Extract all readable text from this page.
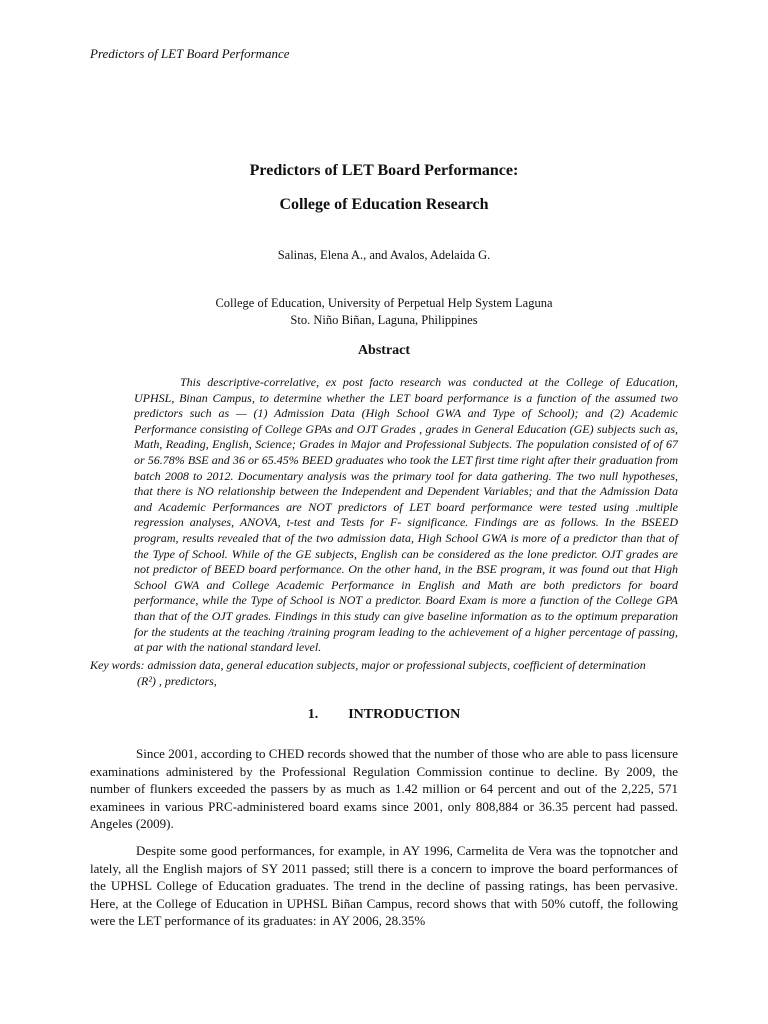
Predictors of LET Board Performance
Predictors of LET Board Performance:
College of Education Research
Salinas, Elena A., and Avalos, Adelaida G.
College of Education, University of Perpetual Help System Laguna
Sto. Niño Biñan, Laguna, Philippines
Abstract

This descriptive-correlative, ex post facto research was conducted at the College of Education, UPHSL, Binan Campus, to determine whether the LET board performance is a function of the assumed two predictors such as — (1) Admission Data (High School GWA and Type of School); and (2) Academic Performance consisting of College GPAs and OJT Grades , grades in General Education (GE) subjects such as, Math, Reading, English, Science; Grades in Major and Professional Subjects. The population consisted of of 67 or 56.78% BSE and 36 or 65.45% BEED graduates who took the LET first time right after their graduation from batch 2008 to 2012. Documentary analysis was the primary tool for data gathering. The two null hypotheses, that there is NO relationship between the Independent and Dependent Variables; and that the Admission Data and Academic Performances are NOT predictors of LET board performance were tested using .multiple regression analyses, ANOVA, t-test and Tests for F- significance. Findings are as follows. In the BSEED program, results revealed that of the two admission data, High School GWA is more of a predictor than that of the Type of School. While of the GE subjects, English can be considered as the lone predictor. OJT grades are not predictor of BEED board performance. On the other hand, in the BSE program, it was found out that High School GWA and College Academic Performance in English and Math are both predictors for board performance, while the Type of School is NOT a predictor. Board Exam is more a function of the College GPA than that of the OJT grades. Findings in this study can give baseline information as to the optimum preparation for the students at the teaching /training program leading to the achievement of a higher percentage of passing, at par with the national standard level.

Key words: admission data, general education subjects, major or professional subjects, coefficient of determination
(R²) , predictors,
1. INTRODUCTION

Since 2001, according to CHED records showed that the number of those who are able to pass licensure examinations administered by the Professional Regulation Commission continue to decline. By 2009, the number of flunkers exceeded the passers by as much as 1.42 million or 64 percent and out of the 2,225, 571 examinees in various PRC-administered board exams since 2001, only 808,884 or 36.35 percent had passed. Angeles (2009).

Despite some good performances, for example, in AY 1996, Carmelita de Vera was the topnotcher and lately, all the English majors of SY 2011 passed; still there is a concern to improve the board performances of the UPHSL College of Education graduates. The trend in the decline of passing ratings, has been pervasive. Here, at the College of Education in UPHSL Biñan Campus, record shows that with 50% cutoff, the following were the LET performance of its graduates: in AY 2006, 28.35%
